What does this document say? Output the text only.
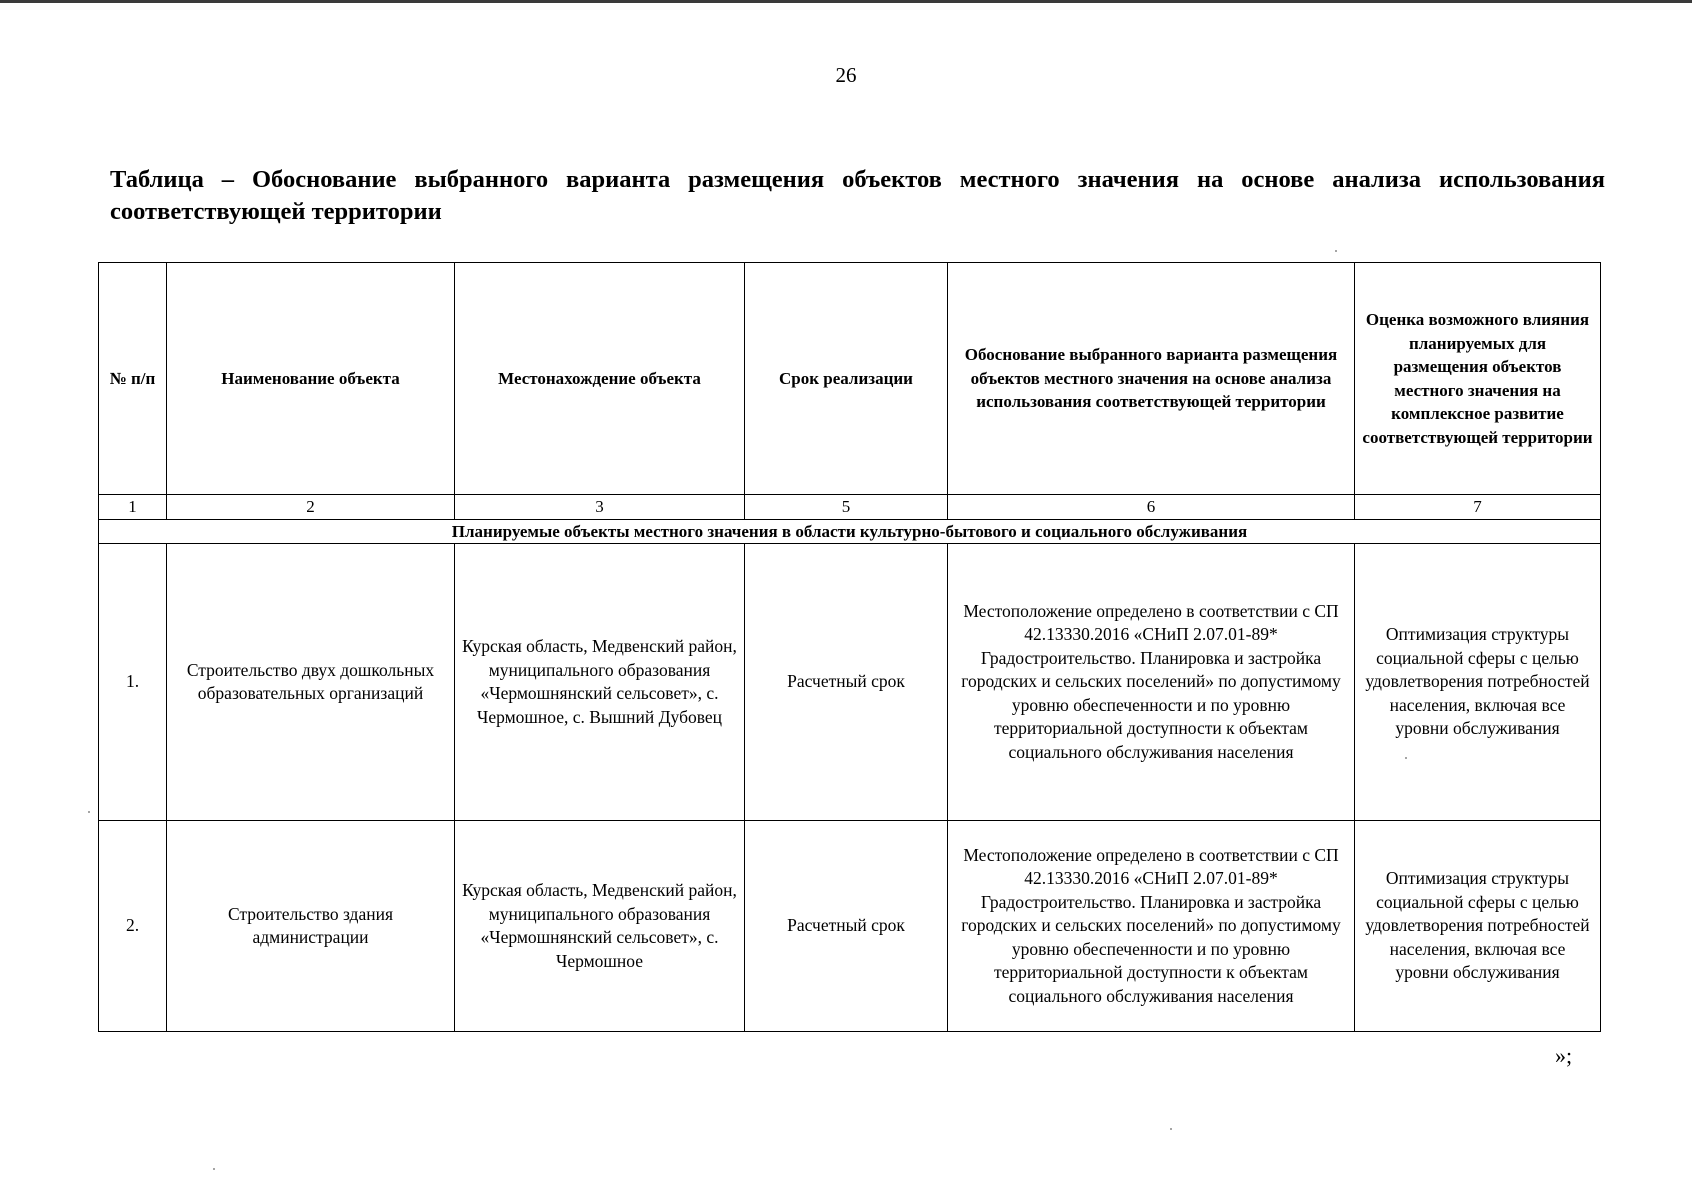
26
Таблица – Обоснование выбранного варианта размещения объектов местного значения на основе анализа использования соответствующей территории
№ п/п	Наименование объекта	Местонахождение объекта	Срок реализации	Обоснование выбранного варианта размещения объектов местного значения на основе анализа использования соответствующей территории	Оценка возможного влияния планируемых для размещения объектов местного значения на комплексное развитие соответствующей территории
1	2	3	5	6	7
Планируемые объекты местного значения в области культурно-бытового и социального обслуживания					
1.	Строительство двух дошкольных образовательных организаций	Курская область, Медвенский район, муниципального образования «Чермошнянский сельсовет», с. Чермошное, с. Вышний Дубовец	Расчетный срок	Местоположение определено в соответствии с СП 42.13330.2016 «СНиП 2.07.01-89* Градостроительство. Планировка и застройка городских и сельских поселений» по допустимому уровню обеспеченности и по уровню территориальной доступности к объектам социального обслуживания населения	Оптимизация структуры социальной сферы с целью удовлетворения потребностей населения, включая все уровни обслуживания
2.	Строительство здания администрации	Курская область, Медвенский район, муниципального образования «Чермошнянский сельсовет», с. Чермошное	Расчетный срок	Местоположение определено в соответствии с СП 42.13330.2016 «СНиП 2.07.01-89* Градостроительство. Планировка и застройка городских и сельских поселений» по допустимому уровню обеспеченности и по уровню территориальной доступности к объектам социального обслуживания населения	Оптимизация структуры социальной сферы с целью удовлетворения потребностей населения, включая все уровни обслуживания
»;
